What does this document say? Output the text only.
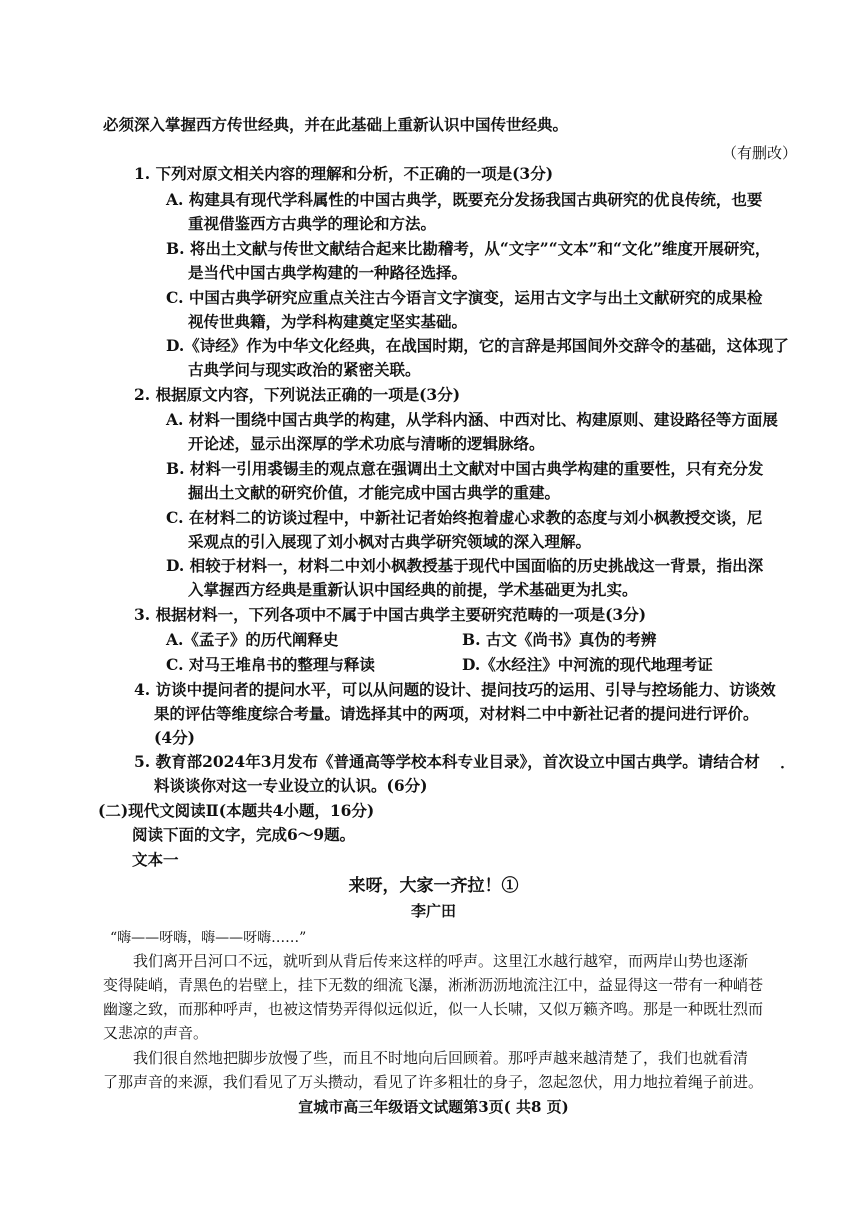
必须深入掌握西方传世经典，并在此基础上重新认识中国传世经典。
（有删改）
1. 下列对原文相关内容的理解和分析，不正确的一项是(3分)
A. 构建具有现代学科属性的中国古典学，既要充分发扬我国古典研究的优良传统，也要
重视借鉴西方古典学的理论和方法。
B. 将出土文献与传世文献结合起来比勘稽考，从“文字”“文本”和“文化”维度开展研究，
是当代中国古典学构建的一种路径选择。
C. 中国古典学研究应重点关注古今语言文字演变，运用古文字与出土文献研究的成果检
视传世典籍，为学科构建奠定坚实基础。
D.《诗经》作为中华文化经典，在战国时期，它的言辞是邦国间外交辞令的基础，这体现了
古典学问与现实政治的紧密关联。
2. 根据原文内容，下列说法正确的一项是(3分)
A. 材料一围绕中国古典学的构建，从学科内涵、中西对比、构建原则、建设路径等方面展
开论述，显示出深厚的学术功底与清晰的逻辑脉络。
B. 材料一引用裘锡圭的观点意在强调出土文献对中国古典学构建的重要性，只有充分发
掘出土文献的研究价值，才能完成中国古典学的重建。
C. 在材料二的访谈过程中，中新社记者始终抱着虚心求教的态度与刘小枫教授交谈，尼
采观点的引入展现了刘小枫对古典学研究领域的深入理解。
D. 相较于材料一，材料二中刘小枫教授基于现代中国面临的历史挑战这一背景，指出深
入掌握西方经典是重新认识中国经典的前提，学术基础更为扎实。
3. 根据材料一，下列各项中不属于中国古典学主要研究范畴的一项是(3分)
A.《孟子》的历代阐释史	B. 古文《尚书》真伪的考辨
C. 对马王堆帛书的整理与释读	D.《水经注》中河流的现代地理考证
4. 访谈中提问者的提问水平，可以从问题的设计、提问技巧的运用、引导与控场能力、访谈效
果的评估等维度综合考量。请选择其中的两项，对材料二中中新社记者的提问进行评价。
(4分)
5. 教育部2024年3月发布《普通高等学校本科专业目录》，首次设立中国古典学。请结合材
料谈谈你对这一专业设立的认识。(6分)
·
(二)现代文阅读Ⅱ(本题共4小题，16分)
阅读下面的文字，完成6～9题。
文本一
来呀，大家一齐拉！①
李广田
“嗨——呀嗨，嗨——呀嗨……”
我们离开吕河口不远，就听到从背后传来这样的呼声。这里江水越行越窄，而两岸山势也逐渐
变得陡峭，青黑色的岩壁上，挂下无数的细流飞瀑，淅淅沥沥地流注江中，益显得这一带有一种峭苍
幽邃之致，而那种呼声，也被这情势弄得似远似近，似一人长啸，又似万籁齐鸣。那是一种既壮烈而
又悲凉的声音。
我们很自然地把脚步放慢了些，而且不时地向后回顾着。那呼声越来越清楚了，我们也就看清
了那声音的来源，我们看见了万头攒动，看见了许多粗壮的身子，忽起忽伏，用力地拉着绳子前进。
宣城市高三年级语文试题第3页( 共8 页)
